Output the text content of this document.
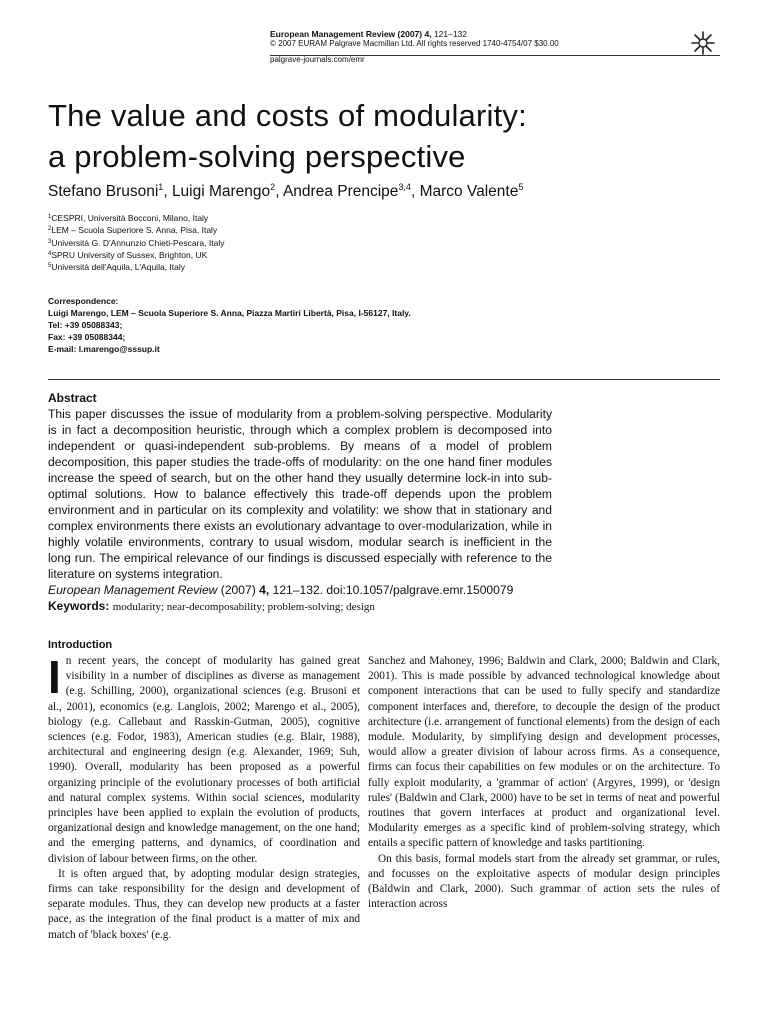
European Management Review (2007) 4, 121–132
© 2007 EURAM Palgrave Macmillan Ltd. All rights reserved 1740-4754/07 $30.00
palgrave-journals.com/emr
The value and costs of modularity:
a problem-solving perspective
Stefano Brusoni$^1$, Luigi Marengo$^2$, Andrea Prencipe$^{3,4}$, Marco Valente$^5$
$^1$CESPRI, Università Bocconi, Milano, Italy
$^2$LEM – Scuola Superiore S. Anna, Pisa, Italy
$^3$Università G. D'Annunzio Chieti-Pescara, Italy
$^4$SPRU University of Sussex, Brighton, UK
$^5$Università dell'Aquila, L'Aquila, Italy
Correspondence:
Luigi Marengo, LEM – Scuola Superiore S. Anna, Piazza Martiri Libertà, Pisa, I-56127, Italy.
Tel: +39 05088343;
Fax: +39 05088344;
E-mail: l.marengo@sssup.it
Abstract
This paper discusses the issue of modularity from a problem-solving perspective. Modularity is in fact a decomposition heuristic, through which a complex problem is decomposed into independent or quasi-independent sub-problems. By means of a model of problem decomposition, this paper studies the trade-offs of modularity: on the one hand finer modules increase the speed of search, but on the other hand they usually determine lock-in into sub-optimal solutions. How to balance effectively this trade-off depends upon the problem environment and in particular on its complexity and volatility: we show that in stationary and complex environments there exists an evolutionary advantage to over-modularization, while in highly volatile environments, contrary to usual wisdom, modular search is inefficient in the long run. The empirical relevance of our findings is discussed especially with reference to the literature on systems integration.
European Management Review (2007) 4, 121–132. doi:10.1057/palgrave.emr.1500079
Keywords: modularity; near-decomposability; problem-solving; design
Introduction

In recent years, the concept of modularity has gained great visibility in a number of disciplines as diverse as management (e.g. Schilling, 2000), organizational sciences (e.g. Brusoni et al., 2001), economics (e.g. Langlois, 2002; Marengo et al., 2005), biology (e.g. Callebaut and Rasskin-Gutman, 2005), cognitive sciences (e.g. Fodor, 1983), American studies (e.g. Blair, 1988), architectural and engineering design (e.g. Alexander, 1969; Suh, 1990). Overall, modularity has been proposed as a powerful organizing principle of the evolutionary processes of both artificial and natural complex systems. Within social sciences, modularity principles have been applied to explain the evolution of products, organizational design and knowledge management, on the one hand; and the emerging patterns, and dynamics, of coordination and division of labour between firms, on the other.

It is often argued that, by adopting modular design strategies, firms can take responsibility for the design and development of separate modules. Thus, they can develop new products at a faster pace, as the integration of the final product is a matter of mix and match of 'black boxes' (e.g.

Sanchez and Mahoney, 1996; Baldwin and Clark, 2000; Baldwin and Clark, 2001). This is made possible by advanced technological knowledge about component interactions that can be used to fully specify and standardize component interfaces and, therefore, to decouple the design of the product architecture (i.e. arrangement of functional elements) from the design of each module. Modularity, by simplifying design and development processes, would allow a greater division of labour across firms. As a consequence, firms can focus their capabilities on few modules or on the architecture. To fully exploit modularity, a 'grammar of action' (Argyres, 1999), or 'design rules' (Baldwin and Clark, 2000) have to be set in terms of neat and powerful routines that govern interfaces at product and organizational level. Modularity emerges as a specific kind of problem-solving strategy, which entails a specific pattern of knowledge and tasks partitioning.

On this basis, formal models start from the already set grammar, or rules, and focusses on the exploitative aspects of modular design principles (Baldwin and Clark, 2000). Such grammar of action sets the rules of interaction across
